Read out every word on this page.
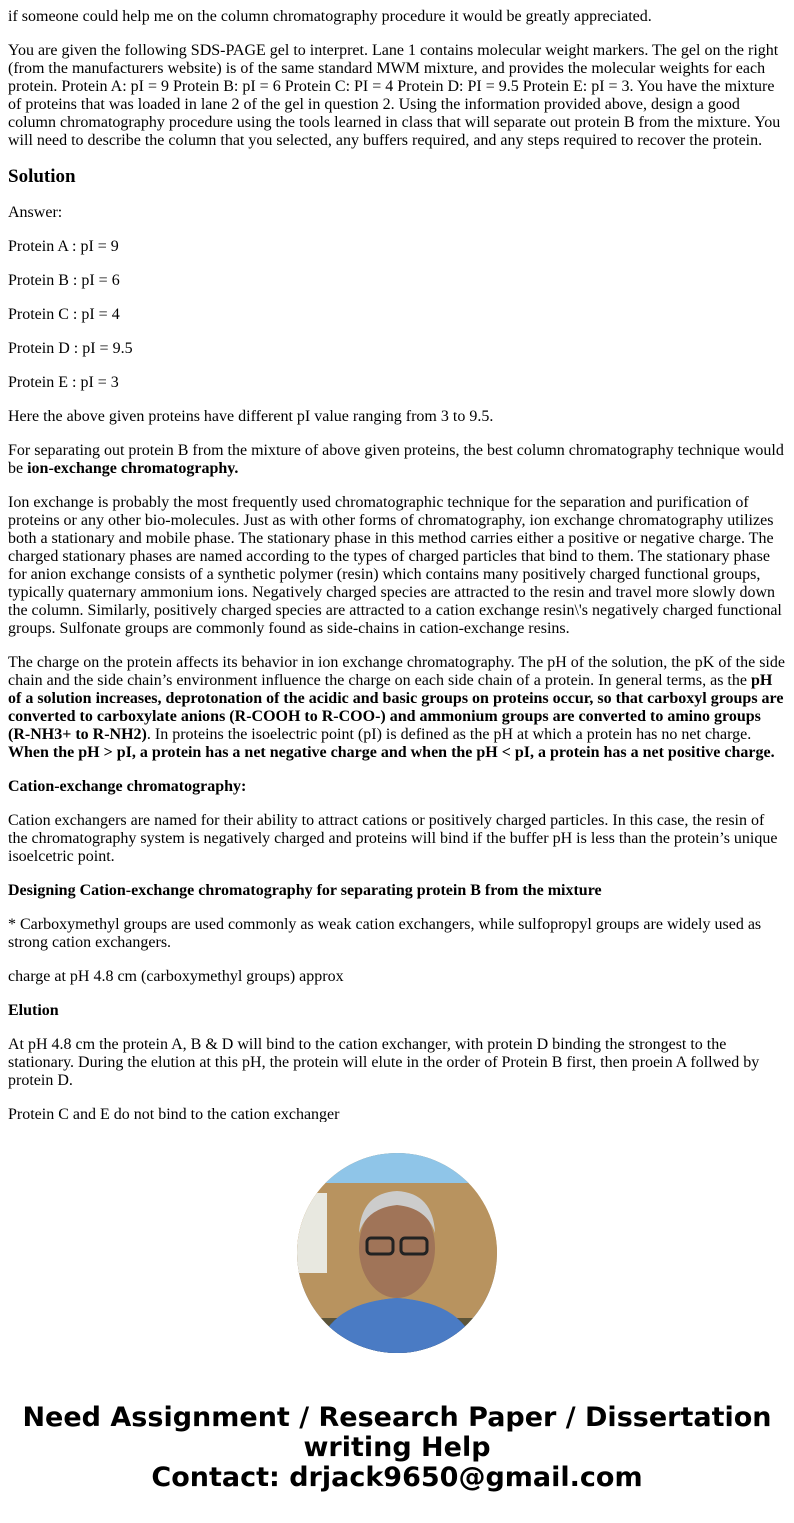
if someone could help me on the column chromatography procedure it would be greatly appreciated.

You are given the following SDS-PAGE gel to interpret. Lane 1 contains molecular weight markers. The gel on the right (from the manufacturers website) is of the same standard MWM mixture, and provides the molecular weights for each protein. Protein A: pI = 9 Protein B: pI = 6 Protein C: PI = 4 Protein D: PI = 9.5 Protein E: pI = 3. You have the mixture of proteins that was loaded in lane 2 of the gel in question 2. Using the information provided above, design a good column chromatography procedure using the tools learned in class that will separate out protein B from the mixture. You will need to describe the column that you selected, any buffers required, and any steps required to recover the protein.

Solution

Answer:

Protein A : pI = 9

Protein B : pI = 6

Protein C : pI = 4

Protein D : pI = 9.5

Protein E : pI = 3

Here the above given proteins have different pI value ranging from 3 to 9.5.

For separating out protein B from the mixture of above given proteins, the best column chromatography technique would be ion-exchange chromatography.

Ion exchange is probably the most frequently used chromatographic technique for the separation and purification of proteins or any other bio-molecules. Just as with other forms of chromatography, ion exchange chromatography utilizes both a stationary and mobile phase. The stationary phase in this method carries either a positive or negative charge. The charged stationary phases are named according to the types of charged particles that bind to them. The stationary phase for anion exchange consists of a synthetic polymer (resin) which contains many positively charged functional groups, typically quaternary ammonium ions. Negatively charged species are attracted to the resin and travel more slowly down the column. Similarly, positively charged species are attracted to a cation exchange resin\'s negatively charged functional groups. Sulfonate groups are commonly found as side-chains in cation-exchange resins.

The charge on the protein affects its behavior in ion exchange chromatography. The pH of the solution, the pK of the side chain and the side chain’s environment influence the charge on each side chain of a protein. In general terms, as the pH of a solution increases, deprotonation of the acidic and basic groups on proteins occur, so that carboxyl groups are converted to carboxylate anions (R-COOH to R-COO-) and ammonium groups are converted to amino groups (R-NH3+ to R-NH2). In proteins the isoelectric point (pI) is defined as the pH at which a protein has no net charge. When the pH > pI, a protein has a net negative charge and when the pH < pI, a protein has a net positive charge.

Cation-exchange chromatography:

Cation exchangers are named for their ability to attract cations or positively charged particles. In this case, the resin of the chromatography system is negatively charged and proteins will bind if the buffer pH is less than the protein’s unique isoelcetric point.

Designing Cation-exchange chromatography for separating protein B from the mixture

* Carboxymethyl groups are used commonly as weak cation exchangers, while sulfopropyl groups are widely used as strong cation exchangers.

charge at pH 4.8 cm (carboxymethyl groups) approx

Elution

At pH 4.8 cm the protein A, B & D will bind to the cation exchanger, with protein D binding the strongest to the stationary. During the elution at this pH, the protein will elute in the order of Protein B first, then proein A follwed by protein D.

Protein C and E do not bind to the cation exchanger

Need Assignment / Research Paper / Dissertation writing Help
Contact: drjack9650@gmail.com
